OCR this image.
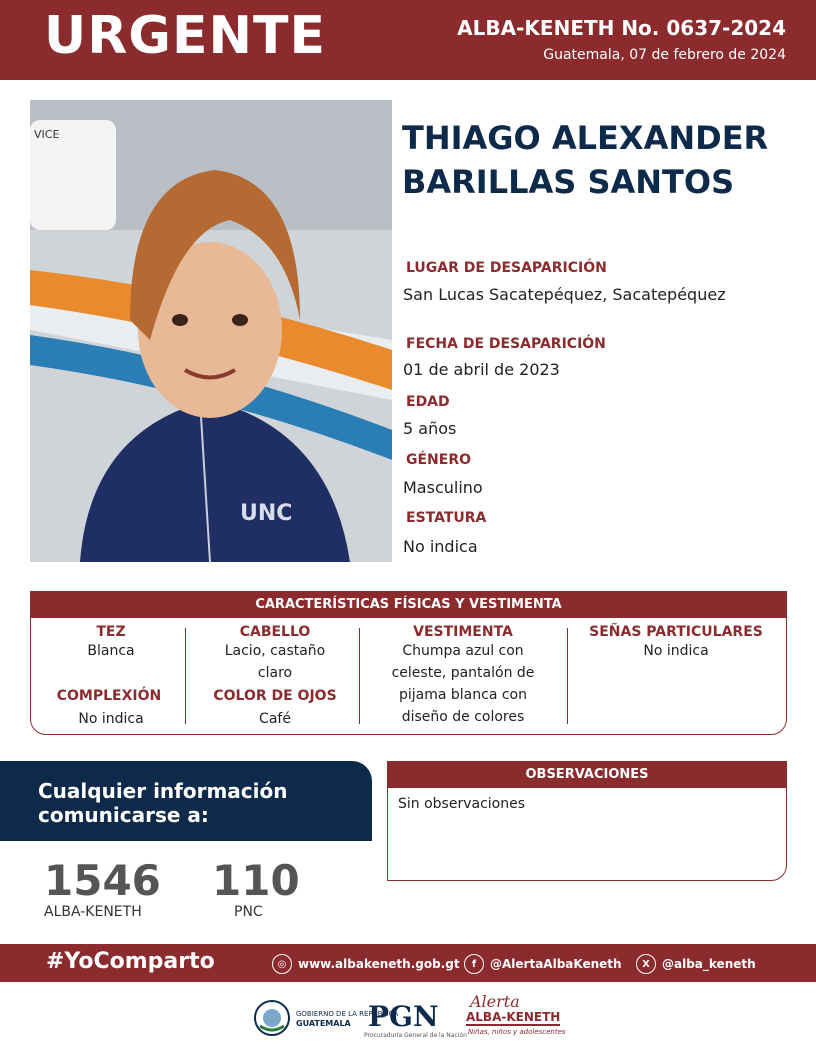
URGENTE	ALBA-KENETH No. 0637-2024
Guatemala, 07 de febrero de 2024
VICE
UNC
THIAGO ALEXANDER
BARILLAS SANTOS
LUGAR DE DESAPARICIÓN
San Lucas Sacatepéquez, Sacatepéquez
FECHA DE DESAPARICIÓN
01 de abril de 2023
EDAD
5 años
GÉNERO
Masculino
ESTATURA
No indica
CARACTERÍSTICAS FÍSICAS Y VESTIMENTA
TEZ
Blanca
COMPLEXIÓN
No indica
CABELLO
Lacio, castaño
claro
COLOR DE OJOS
Café
VESTIMENTA
Chumpa azul con
celeste, pantalón de
pijama blanca con
diseño de colores
SEÑAS PARTICULARES
No indica
Cualquier información
comunicarse a:
1546
ALBA-KENETH
110
PNC
OBSERVACIONES
Sin observaciones
#YoComparto	◎ www.albakeneth.gob.gt	f	@AlertaAlbaKeneth	X	@alba_keneth
GOBIERNO DE LA REPÚBLICA
GUATEMALA PGN
Procuraduría General de la Nación
Alerta
ALBA-KENETH
Niñas, niños y adolescentes
